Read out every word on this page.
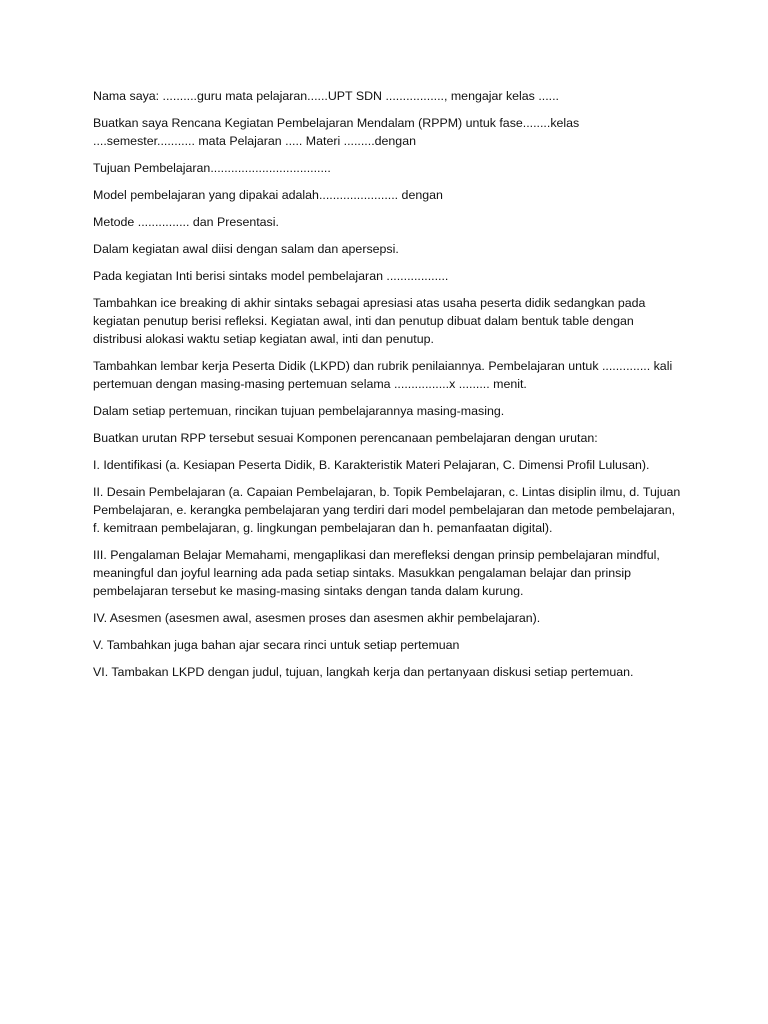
Nama saya: ..........guru mata pelajaran......UPT SDN ................., mengajar kelas ......

Buatkan saya Rencana Kegiatan Pembelajaran Mendalam (RPPM) untuk fase........kelas ....semester........... mata Pelajaran ..... Materi .........dengan

Tujuan Pembelajaran...................................

Model pembelajaran yang dipakai adalah....................... dengan

Metode ............... dan Presentasi.

Dalam kegiatan awal diisi dengan salam dan apersepsi.

Pada kegiatan Inti berisi sintaks model pembelajaran ..................

Tambahkan ice breaking di akhir sintaks sebagai apresiasi atas usaha peserta didik sedangkan pada kegiatan penutup berisi refleksi. Kegiatan awal, inti dan penutup dibuat dalam bentuk table dengan distribusi alokasi waktu setiap kegiatan awal, inti dan penutup.

Tambahkan lembar kerja Peserta Didik (LKPD) dan rubrik penilaiannya. Pembelajaran untuk .............. kali pertemuan dengan masing-masing pertemuan selama ................x ......... menit.

Dalam setiap pertemuan, rincikan tujuan pembelajarannya masing-masing.

Buatkan urutan RPP tersebut sesuai Komponen perencanaan pembelajaran dengan urutan:

I. Identifikasi (a. Kesiapan Peserta Didik, B. Karakteristik Materi Pelajaran, C. Dimensi Profil Lulusan).

II. Desain Pembelajaran (a. Capaian Pembelajaran, b. Topik Pembelajaran, c. Lintas disiplin ilmu, d. Tujuan Pembelajaran, e. kerangka pembelajaran yang terdiri dari model pembelajaran dan metode pembelajaran, f. kemitraan pembelajaran, g. lingkungan pembelajaran dan h. pemanfaatan digital).

III. Pengalaman Belajar Memahami, mengaplikasi dan merefleksi dengan prinsip pembelajaran mindful, meaningful dan joyful learning ada pada setiap sintaks. Masukkan pengalaman belajar dan prinsip pembelajaran tersebut ke masing-masing sintaks dengan tanda dalam kurung.

IV. Asesmen (asesmen awal, asesmen proses dan asesmen akhir pembelajaran).

V. Tambahkan juga bahan ajar secara rinci untuk setiap pertemuan

VI. Tambakan LKPD dengan judul, tujuan, langkah kerja dan pertanyaan diskusi setiap pertemuan.
